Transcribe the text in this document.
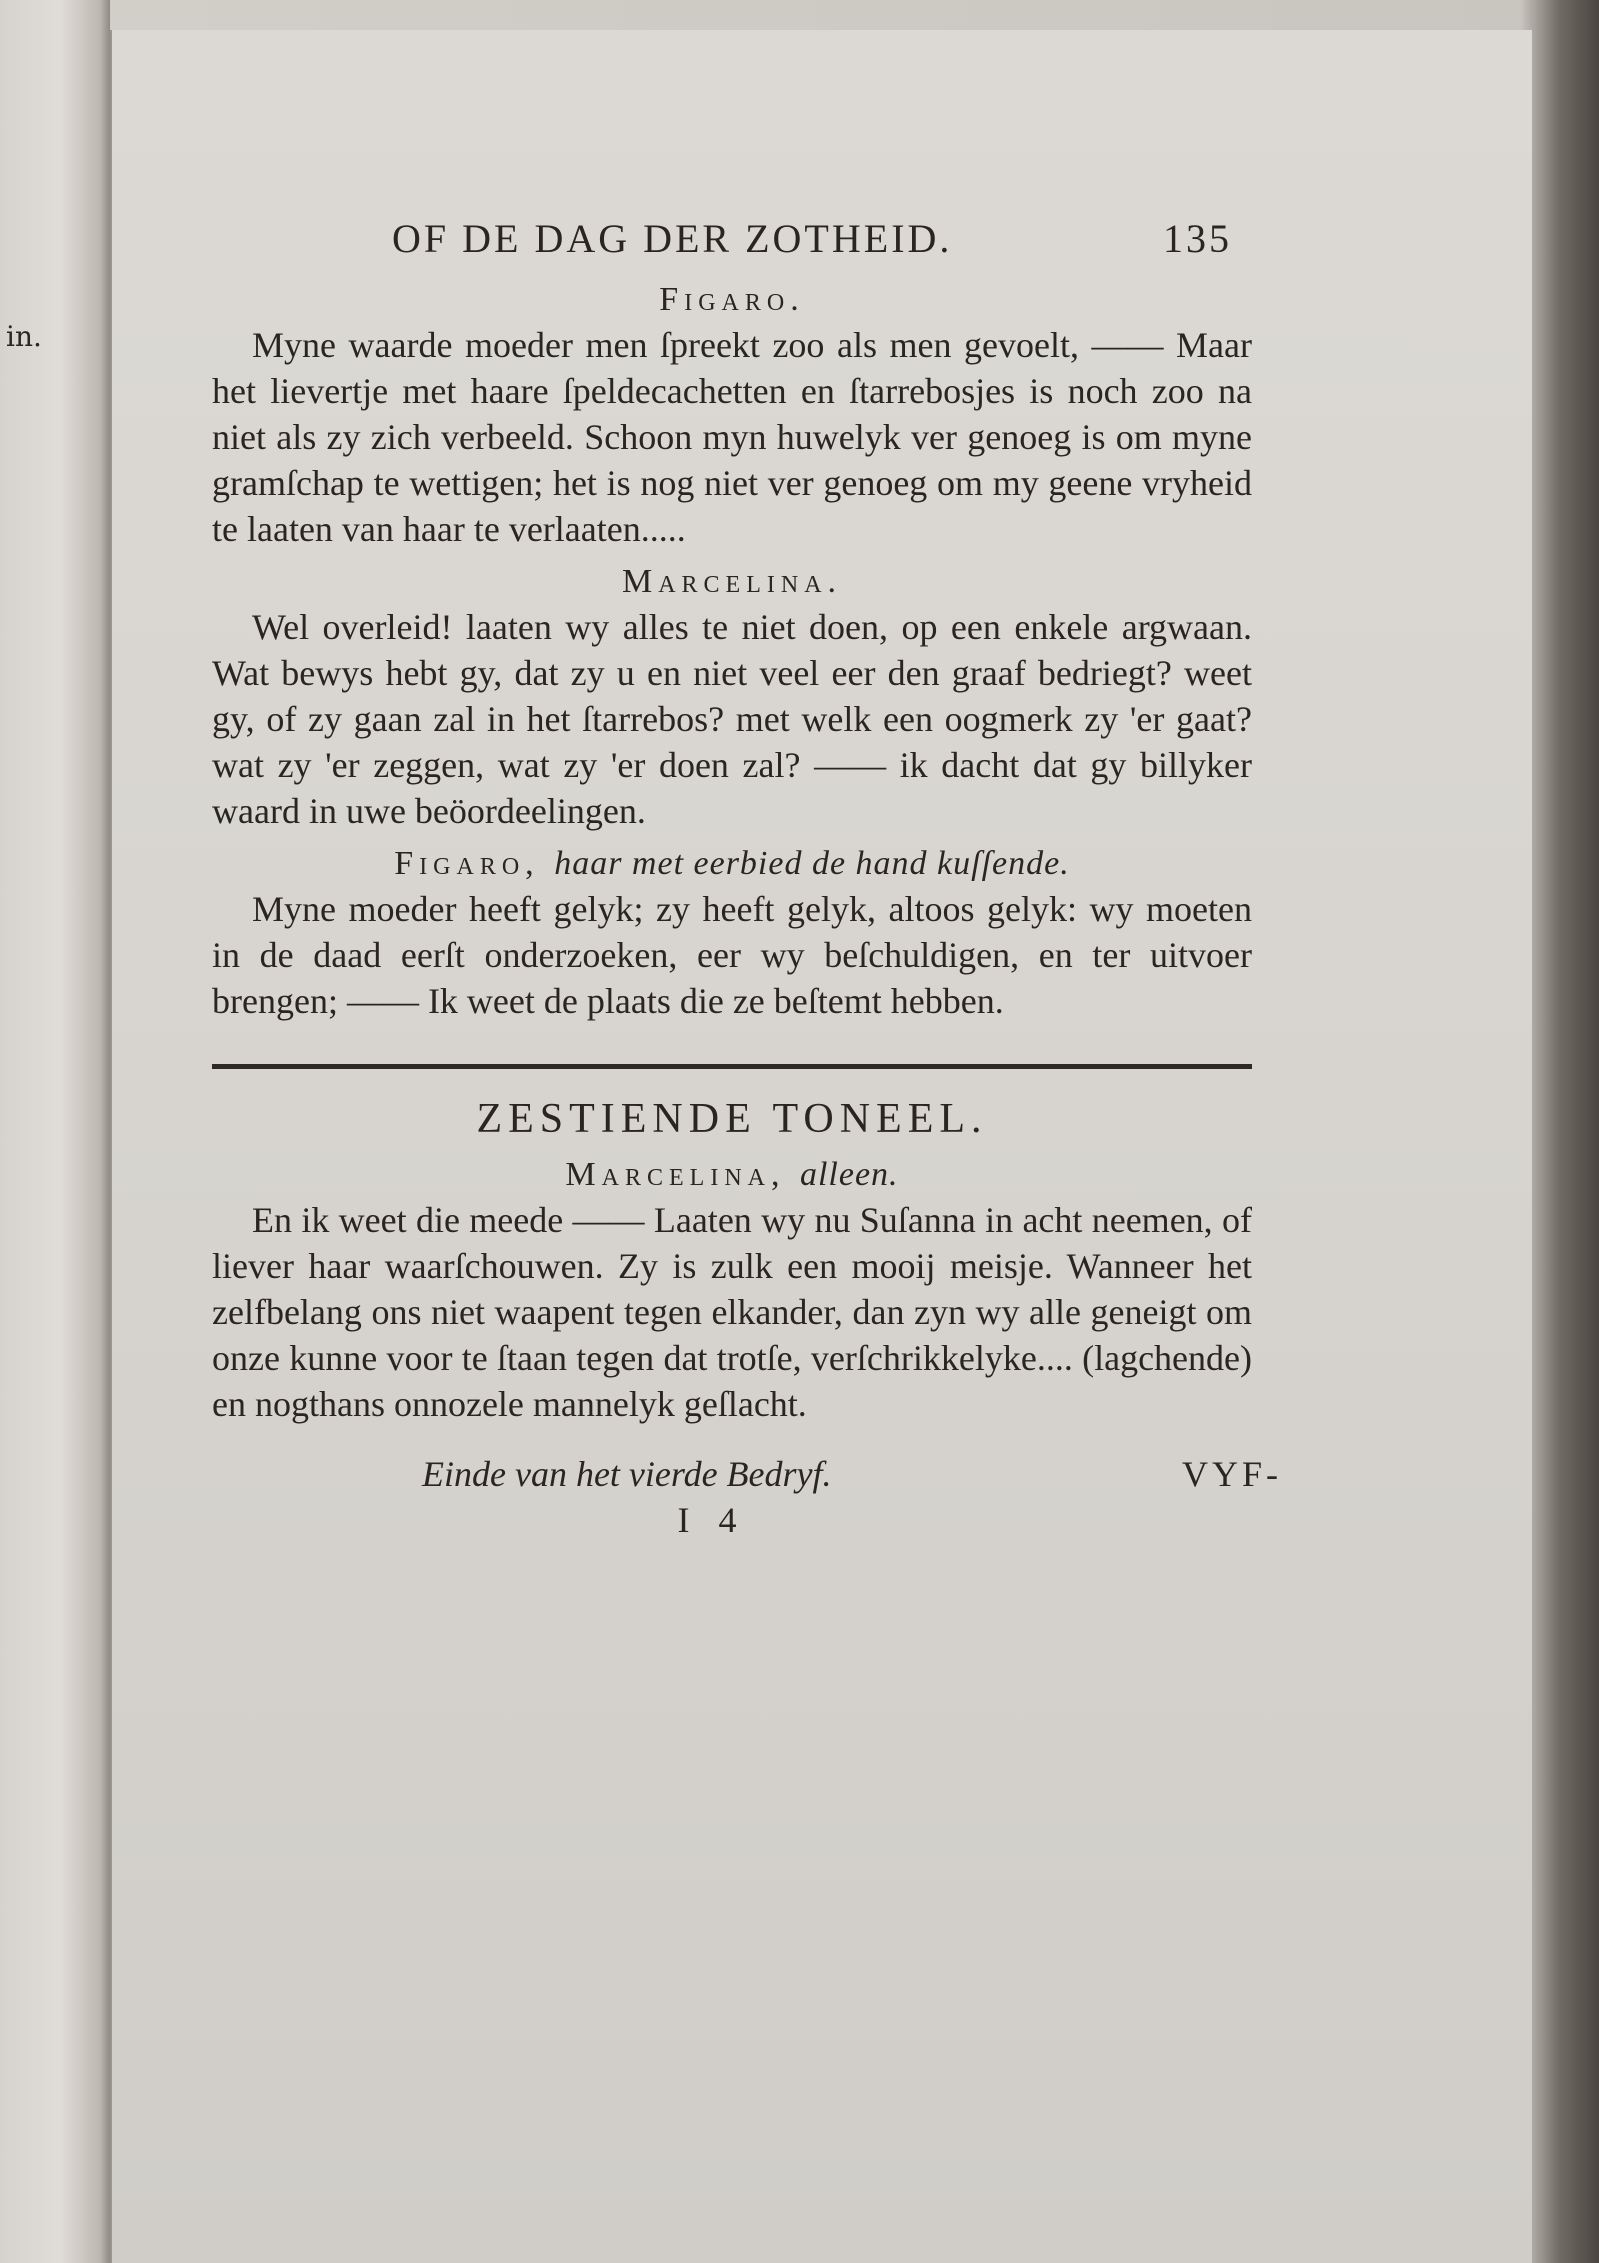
in.
OF DE DAG DER ZOTHEID.	135
Figaro.

Myne waarde moeder men ſpreekt zoo als men gevoelt, —— Maar het lievertje met haare ſpeldecachetten en ſtarrebosjes is noch zoo na niet als zy zich verbeeld. Schoon myn huwelyk ver genoeg is om myne gramſchap te wettigen; het is nog niet ver genoeg om my geene vryheid te laaten van haar te verlaaten.....

Marcelina.

Wel overleid! laaten wy alles te niet doen, op een enkele argwaan. Wat bewys hebt gy, dat zy u en niet veel eer den graaf bedriegt? weet gy, of zy gaan zal in het ſtarrebos? met welk een oogmerk zy 'er gaat? wat zy 'er zeggen, wat zy 'er doen zal? —— ik dacht dat gy billyker waard in uwe beöordeelingen.

Figaro, haar met eerbied de hand kuſſende.

Myne moeder heeft gelyk; zy heeft gelyk, altoos gelyk: wy moeten in de daad eerſt onderzoeken, eer wy beſchuldigen, en ter uitvoer brengen; —— Ik weet de plaats die ze beſtemt hebben.

ZESTIENDE TONEEL.
Marcelina, alleen.

En ik weet die meede —— Laaten wy nu Suſanna in acht neemen, of liever haar waarſchouwen. Zy is zulk een mooij meisje. Wanneer het zelfbelang ons niet waapent tegen elkander, dan zyn wy alle geneigt om onze kunne voor te ſtaan tegen dat trotſe, verſchrikkelyke.... (lagchende) en nogthans onnozele mannelyk geſlacht.

Einde van het vierde Bedryf.	VYF-
I 4
